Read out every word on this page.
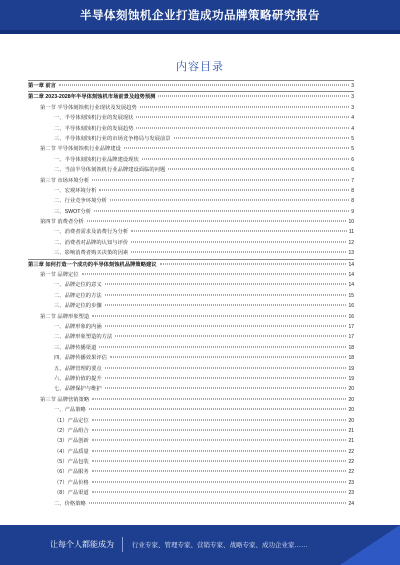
半导体刻蚀机企业打造成功品牌策略研究报告
内容目录
第一章 前言	3
第二章 2023-2028年半导体刻蚀机市场前景及趋势预测	3
第一节 半导体刻蚀机行业现状及发展趋势	3
一、半导体刻蚀机行业的发展现状	4
二、半导体刻蚀机行业的发展趋势	4
三、半导体刻蚀机行业的市场竞争格局与发展前景	5
第二节 半导体刻蚀机行业品牌建设	5
一、半导体刻蚀机行业品牌建设现状	6
二、当前半导体刻蚀机行业品牌建设面临的问题	6
第三节 市场环境分析	7
一、宏观环境分析	8
二、行业竞争环境分析	8
三、SWOT分析	9
第四节 消费者分析	10
一、消费者需求及消费行为分析	11
二、消费者对品牌的认知与评价	12
三、影响消费者购买决策的因素	13
第三章 如何打造一个成功的半导体刻蚀机品牌策略建议	14
第一节 品牌定位	14
一、品牌定位的意义	14
二、品牌定位的方法	15
三、品牌定位的步骤	16
第二节 品牌形象塑造	16
一、品牌形象的内涵	17
二、品牌形象塑造的方法	17
三、品牌传播渠道	18
四、品牌传播效果评估	18
五、品牌管理的要点	19
六、品牌价值的提升	19
七、品牌保护与维护	20
第三节 品牌营销策略	20
一、产品策略	20
（1）产品定位	20
（2）产品组合	21
（3）产品创新	21
（4）产品质量	22
（5）产品包装	22
（6）产品服务	22
（7）产品价格	23
（8）产品渠道	23
二、价格策略	24
让每个人都能成为	行业专家、管理专家、营销专家、战略专家、成功企业家……
